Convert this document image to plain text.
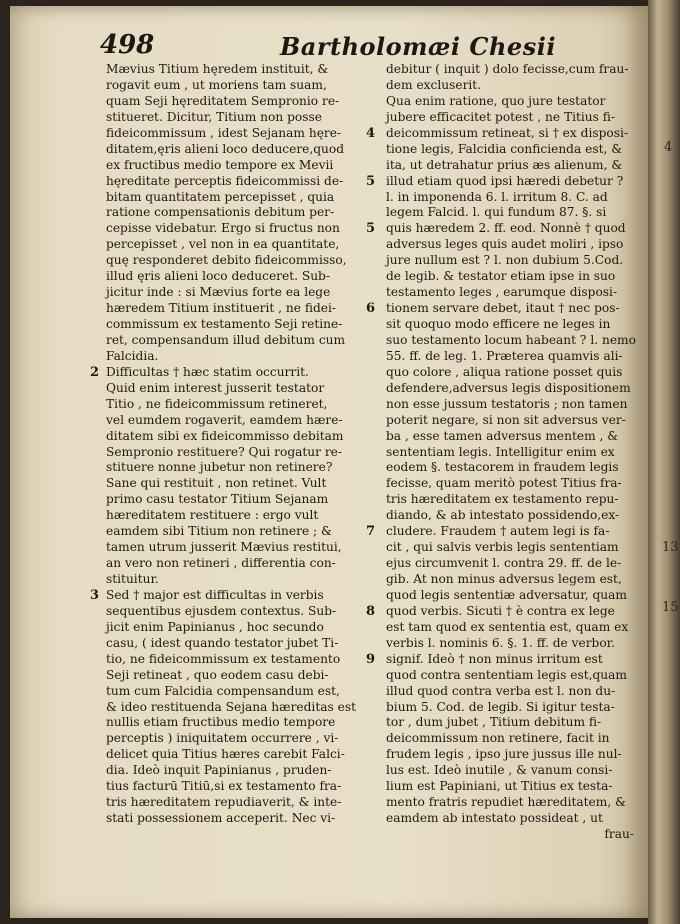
498	Bartholomæi Chesii
Mævius Titium hęredem instituit, &
rogavit eum , ut moriens tam suam,
quam Seji hęreditatem Sempronio re-
stitueret. Dicitur, Titium non posse
fideicommissum , idest Sejanam hęre-
ditatem,ęris alieni loco deducere,quod
ex fructibus medio tempore ex Mevii
hęreditate perceptis fideicommissi de-
bitam quantitatem percepisset , quia
ratione compensationis debitum per-
cepisse videbatur. Ergo si fructus non
percepisset , vel non in ea quantitate,
quę responderet debito fideicommisso,
illud ęris alieni loco deduceret. Sub-
jicitur inde : si Mævius forte ea lege
hæredem Titium instituerit , ne fidei-
commissum ex testamento Seji retine-
ret, compensandum illud debitum cum
Falcidia.
2 Difficultas † hæc statim occurrit.
Quid enim interest jusserit testator
Titio , ne fideicommissum retineret,
vel eumdem rogaverit, eamdem hære-
ditatem sibi ex fideicommisso debitam
Sempronio restituere? Qui rogatur re-
stituere nonne jubetur non retinere?
Sane qui restituit , non retinet. Vult
primo casu testator Titium Sejanam
hæreditatem restituere : ergo vult
eamdem sibi Titium non retinere ; &
tamen utrum jusserit Mævius restitui,
an vero non retineri , differentia con-
stituitur.
3 Sed † major est difficultas in verbis
sequentibus ejusdem contextus. Sub-
jicit enim Papinianus , hoc secundo
casu, ( idest quando testator jubet Ti-
tio, ne fideicommissum ex testamento
Seji retineat , quo eodem casu debi-
tum cum Falcidia compensandum est,
& ideo restituenda Sejana hæreditas est
nullis etiam fructibus medio tempore
perceptis ) iniquitatem occurrere , vi-
delicet quia Titius hæres carebit Falci-
dia. Ideò inquit Papinianus , pruden-
tius facturū Titiū,si ex testamento fra-
tris hæreditatem repudiaverit, & inte-
stati possessionem acceperit. Nec vi-
debitur ( inquit ) dolo fecisse,cum frau-
dem excluserit.
Qua enim ratione, quo jure testator
jubere efficacitet potest , ne Titius fi-
4 deicommissum retineat, si † ex disposi-
tione legis, Falcidia conficienda est, &
ita, ut detrahatur prius æs alienum, &
5 illud etiam quod ipsi hæredi debetur ?
l. in imponenda 6. l. irritum 8. C. ad
legem Falcid. l. qui fundum 87. §. si
5 quis hæredem 2. ff. eod. Nonnè † quod
adversus leges quis audet moliri , ipso
jure nullum est ? l. non dubium 5.Cod.
de legib. & testator etiam ipse in suo
testamento leges , earumque disposi-
6 tionem servare debet, itaut † nec pos-
sit quoquo modo efficere ne leges in
suo testamento locum habeant ? l. nemo
55. ff. de leg. 1. Præterea quamvis ali-
quo colore , aliqua ratione posset quis
defendere,adversus legis dispositionem
non esse jussum testatoris ; non tamen
poterit negare, si non sit adversus ver-
ba , esse tamen adversus mentem , &
sententiam legis. Intelligitur enim ex
eodem §. testacorem in fraudem legis
fecisse, quam meritò potest Titius fra-
tris hæreditatem ex testamento repu-
diando, & ab intestato possidendo,ex-
7 cludere. Fraudem † autem legi is fa-
cit , qui salvis verbis legis sententiam
ejus circumvenit l. contra 29. ff. de le-
gib. At non minus adversus legem est,
quod legis sententiæ adversatur, quam
8 quod verbis. Sicuti † è contra ex lege
est tam quod ex sententia est, quam ex
verbis l. nominis 6. §. 1. ff. de verbor.
9 signif. Ideò † non minus irritum est
quod contra sententiam legis est,quam
illud quod contra verba est l. non du-
bium 5. Cod. de legib. Si igitur testa-
tor , dum jubet , Titium debitum fi-
deicommissum non retinere, facit in
frudem legis , ipso jure jussus ille nul-
lus est. Ideò inutile , & vanum consi-
lium est Papiniani, ut Titius ex testa-
mento fratris repudiet hæreditatem, &
eamdem ab intestato possideat , ut
frau-
4
13
15
